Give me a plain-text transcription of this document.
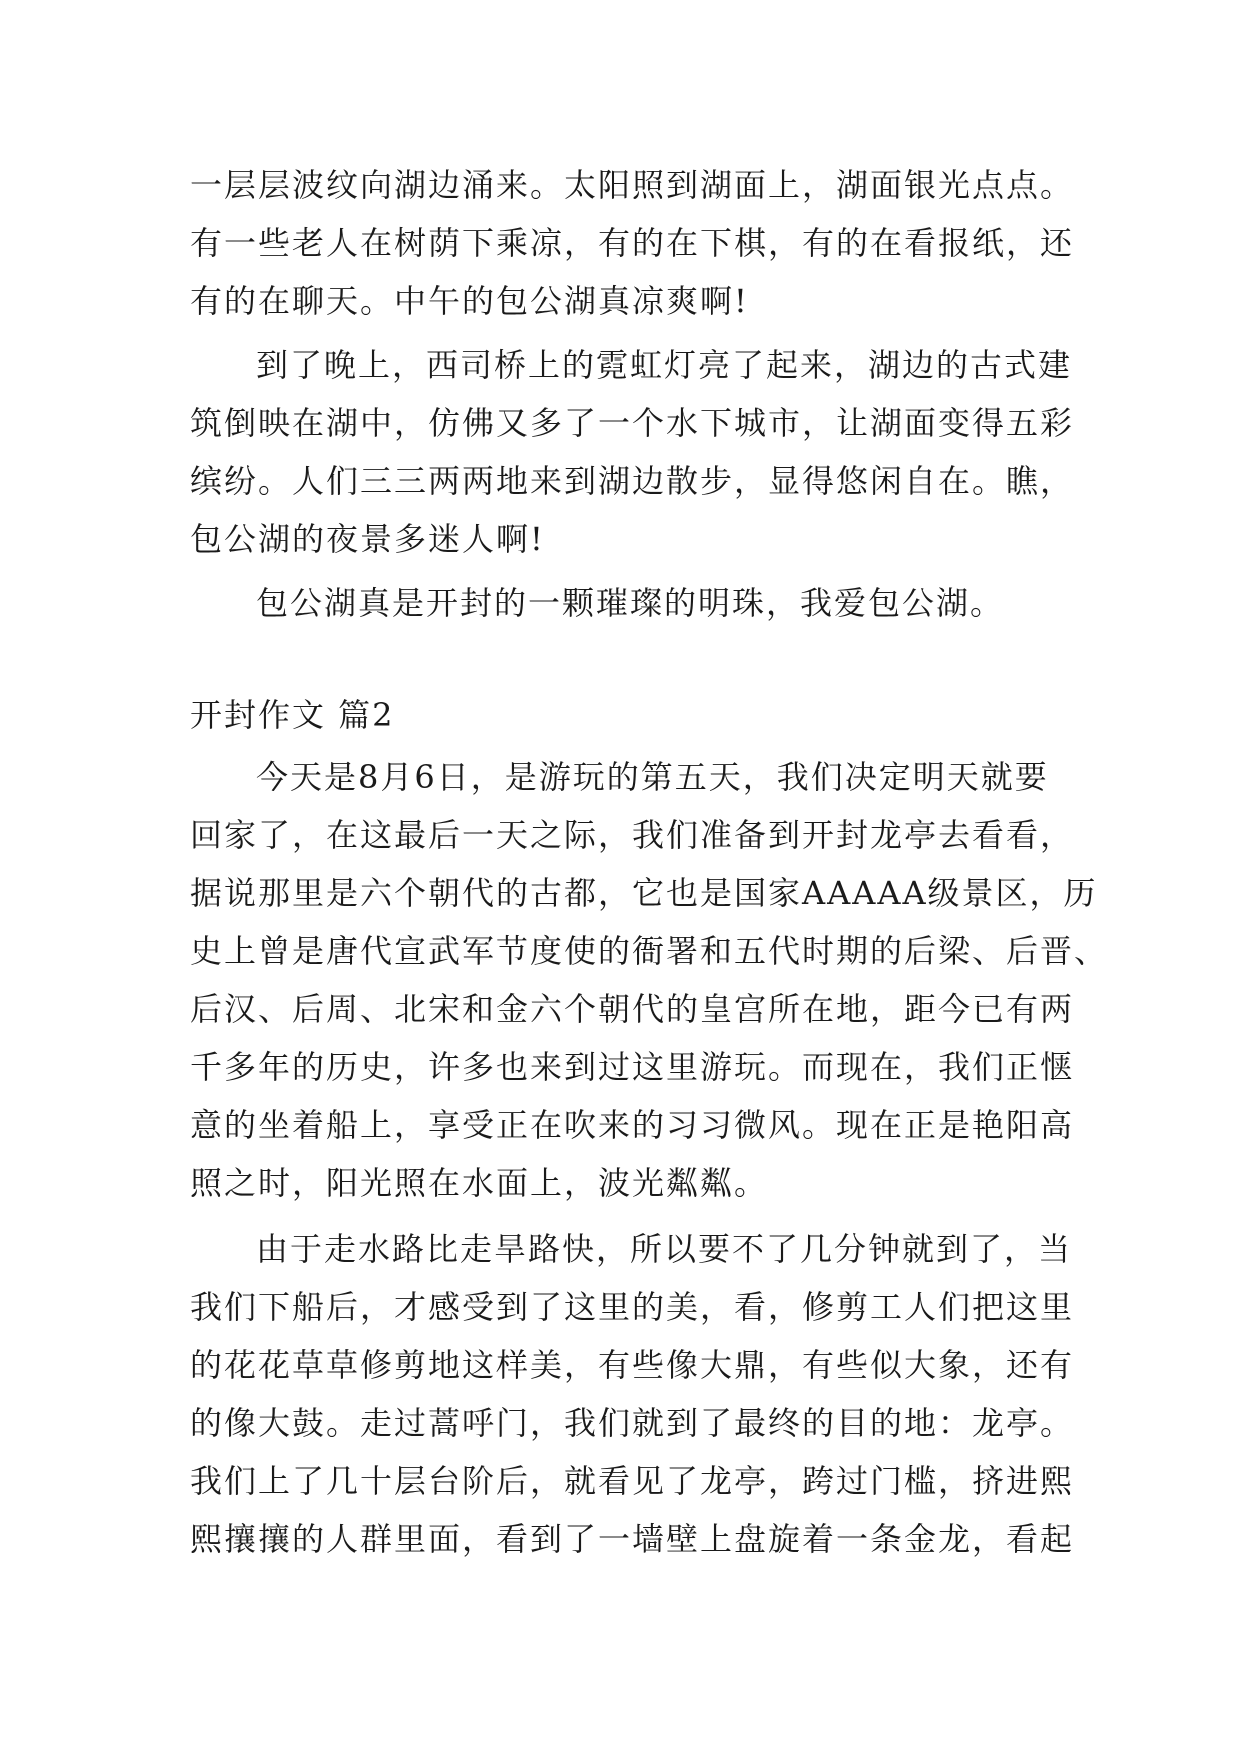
一层层波纹向湖边涌来。太阳照到湖面上，湖面银光点点。
有一些老人在树荫下乘凉，有的在下棋，有的在看报纸，还
有的在聊天。中午的包公湖真凉爽啊!
到了晚上，西司桥上的霓虹灯亮了起来，湖边的古式建
筑倒映在湖中，仿佛又多了一个水下城市，让湖面变得五彩
缤纷。人们三三两两地来到湖边散步，显得悠闲自在。瞧，
包公湖的夜景多迷人啊!
包公湖真是开封的一颗璀璨的明珠，我爱包公湖。
开封作文 篇2
今天是8月6日，是游玩的第五天，我们决定明天就要
回家了，在这最后一天之际，我们准备到开封龙亭去看看，
据说那里是六个朝代的古都，它也是国家AAAAA级景区，历
史上曾是唐代宣武军节度使的衙署和五代时期的后梁、后晋、
后汉、后周、北宋和金六个朝代的皇宫所在地，距今已有两
千多年的历史，许多也来到过这里游玩。而现在，我们正惬
意的坐着船上，享受正在吹来的习习微风。现在正是艳阳高
照之时，阳光照在水面上，波光粼粼。
由于走水路比走旱路快，所以要不了几分钟就到了，当
我们下船后，才感受到了这里的美，看，修剪工人们把这里
的花花草草修剪地这样美，有些像大鼎，有些似大象，还有
的像大鼓。走过蒿呼门，我们就到了最终的目的地：龙亭。
我们上了几十层台阶后，就看见了龙亭，跨过门槛，挤进熙
熙攘攘的人群里面，看到了一墙壁上盘旋着一条金龙，看起
